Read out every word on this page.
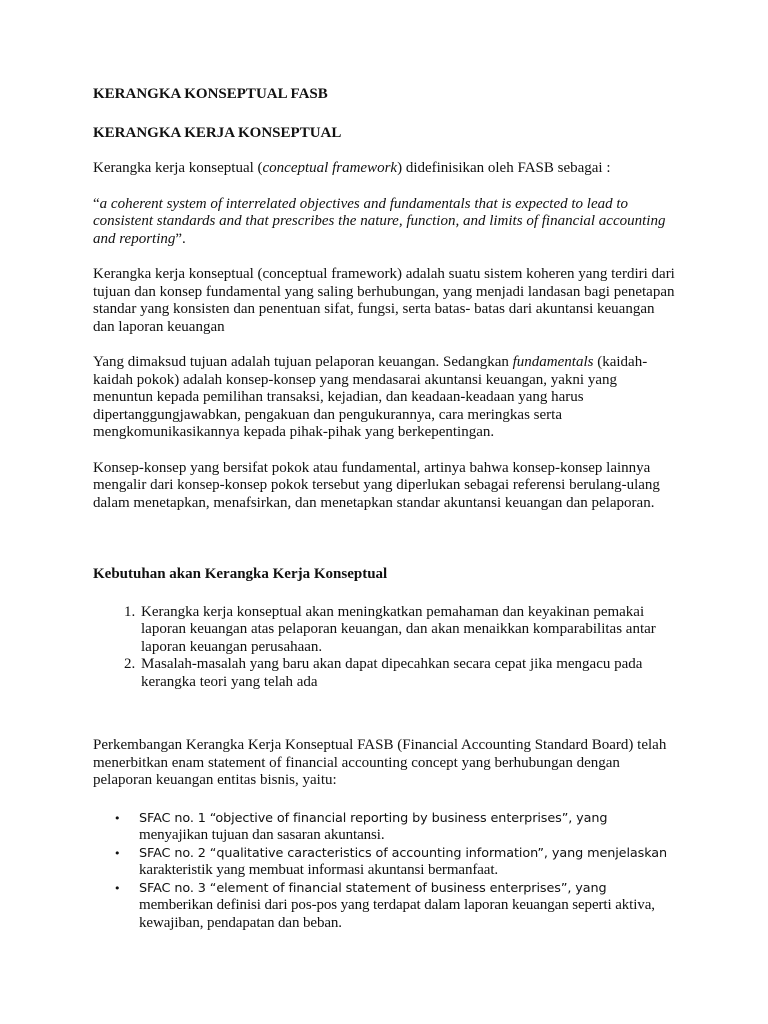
KERANGKA KONSEPTUAL FASB

KERANGKA KERJA KONSEPTUAL

Kerangka kerja konseptual (conceptual framework) didefinisikan oleh FASB sebagai :

“a coherent system of interrelated objectives and fundamentals that is expected to lead to consistent standards and that prescribes the nature, function, and limits of financial accounting and reporting”.

Kerangka kerja konseptual (conceptual framework) adalah suatu sistem koheren yang terdiri dari tujuan dan konsep fundamental yang saling berhubungan, yang menjadi landasan bagi penetapan standar yang konsisten dan penentuan sifat, fungsi, serta batas- batas dari akuntansi keuangan dan laporan keuangan

Yang dimaksud tujuan adalah tujuan pelaporan keuangan. Sedangkan fundamentals (kaidah-kaidah pokok) adalah konsep-konsep yang mendasarai akuntansi keuangan, yakni yang menuntun kepada pemilihan transaksi, kejadian, dan keadaan-keadaan yang harus dipertanggungjawabkan, pengakuan dan pengukurannya, cara meringkas serta mengkomunikasikannya kepada pihak-pihak yang berkepentingan.

Konsep-konsep yang bersifat pokok atau fundamental, artinya bahwa konsep-konsep lainnya mengalir dari konsep-konsep pokok tersebut yang diperlukan sebagai referensi berulang-ulang dalam menetapkan, menafsirkan, dan menetapkan standar akuntansi keuangan dan pelaporan.

Kebutuhan akan Kerangka Kerja Konseptual

1. Kerangka kerja konseptual akan meningkatkan pemahaman dan keyakinan pemakai laporan keuangan atas pelaporan keuangan, dan akan menaikkan komparabilitas antar laporan keuangan perusahaan.
2. Masalah-masalah yang baru akan dapat dipecahkan secara cepat jika mengacu pada kerangka teori yang telah ada

Perkembangan Kerangka Kerja Konseptual FASB (Financial Accounting Standard Board) telah menerbitkan enam statement of financial accounting concept yang berhubungan dengan pelaporan keuangan entitas bisnis, yaitu:

• SFAC no. 1 “objective of financial reporting by business enterprises”, yang menyajikan tujuan dan sasaran akuntansi.
• SFAC no. 2 “qualitative caracteristics of accounting information”, yang menjelaskan karakteristik yang membuat informasi akuntansi bermanfaat.
• SFAC no. 3 “element of financial statement of business enterprises”, yang memberikan definisi dari pos-pos yang terdapat dalam laporan keuangan seperti aktiva, kewajiban, pendapatan dan beban.
